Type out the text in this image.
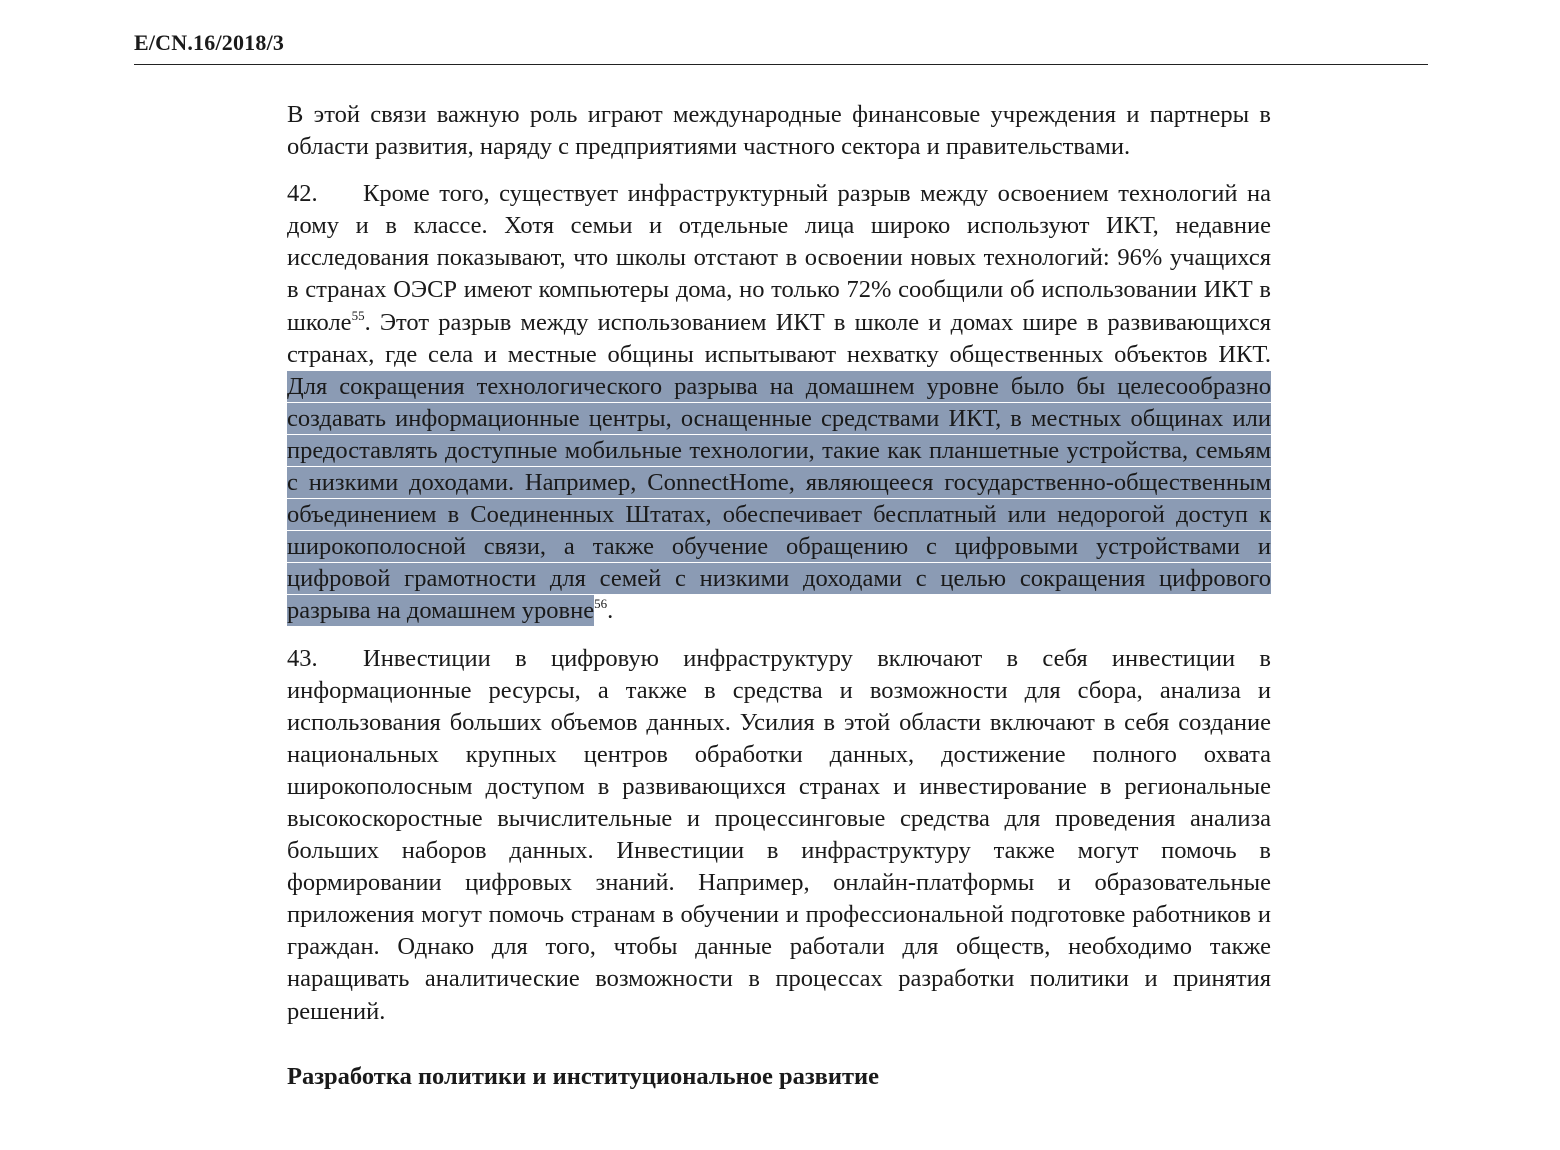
E/CN.16/2018/3

В этой связи важную роль играют международные финансовые учреждения и партнеры в области развития, наряду с предприятиями частного сектора и правительствами.

42. Кроме того, существует инфраструктурный разрыв между освоением технологий на дому и в классе. Хотя семьи и отдельные лица широко используют ИКТ, недавние исследования показывают, что школы отстают в освоении новых технологий: 96% учащихся в странах ОЭСР имеют компьютеры дома, но только 72% сообщили об использовании ИКТ в школе$^{55}$. Этот разрыв между использованием ИКТ в школе и домах шире в развивающихся странах, где села и местные общины испытывают нехватку общественных объектов ИКТ. Для сокращения технологического разрыва на домашнем уровне было бы целесообразно создавать информационные центры, оснащенные средствами ИКТ, в местных общинах или предоставлять доступные мобильные технологии, такие как планшетные устройства, семьям с низкими доходами. Например, ConnectHome, являющееся государственно-общественным объединением в Соединенных Штатах, обеспечивает бесплатный или недорогой доступ к широкополосной связи, а также обучение обращению с цифровыми устройствами и цифровой грамотности для семей с низкими доходами с целью сокращения цифрового разрыва на домашнем уровне$^{56}$.

43. Инвестиции в цифровую инфраструктуру включают в себя инвестиции в информационные ресурсы, а также в средства и возможности для сбора, анализа и использования больших объемов данных. Усилия в этой области включают в себя создание национальных крупных центров обработки данных, достижение полного охвата широкополосным доступом в развивающихся странах и инвестирование в региональные высокоскоростные вычислительные и процессинговые средства для проведения анализа больших наборов данных. Инвестиции в инфраструктуру также могут помочь в формировании цифровых знаний. Например, онлайн-платформы и образовательные приложения могут помочь странам в обучении и профессиональной подготовке работников и граждан. Однако для того, чтобы данные работали для обществ, необходимо также наращивать аналитические возможности в процессах разработки политики и принятия решений.

Разработка политики и институциональное развитие
